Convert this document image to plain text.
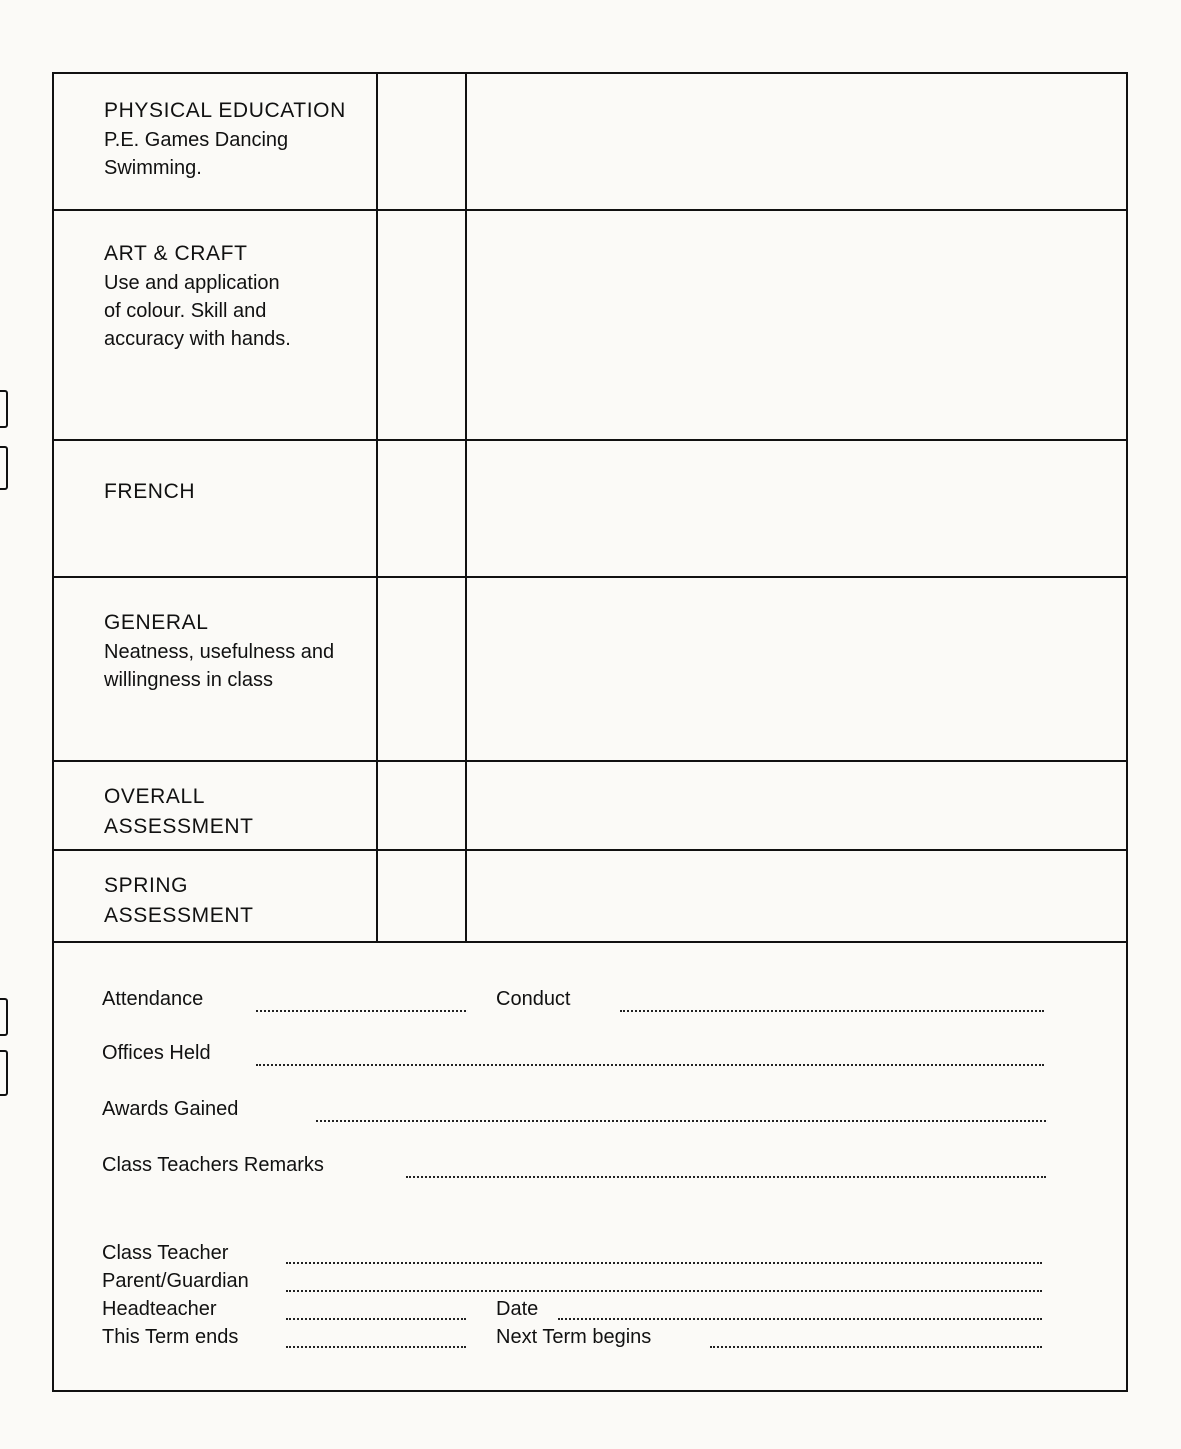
PHYSICAL EDUCATION
P.E. Games Dancing
Swimming.		

ART & CRAFT
Use and application
of colour. Skill and
accuracy with hands.		

FRENCH		

GENERAL
Neatness, usefulness and
willingness in class		

OVERALL
ASSESSMENT		

SPRING
ASSESSMENT		

Attendance	Conduct
Offices Held
Awards Gained
Class Teachers Remarks
Class Teacher
Parent/Guardian
Headteacher	Date
This Term ends	Next Term begins
